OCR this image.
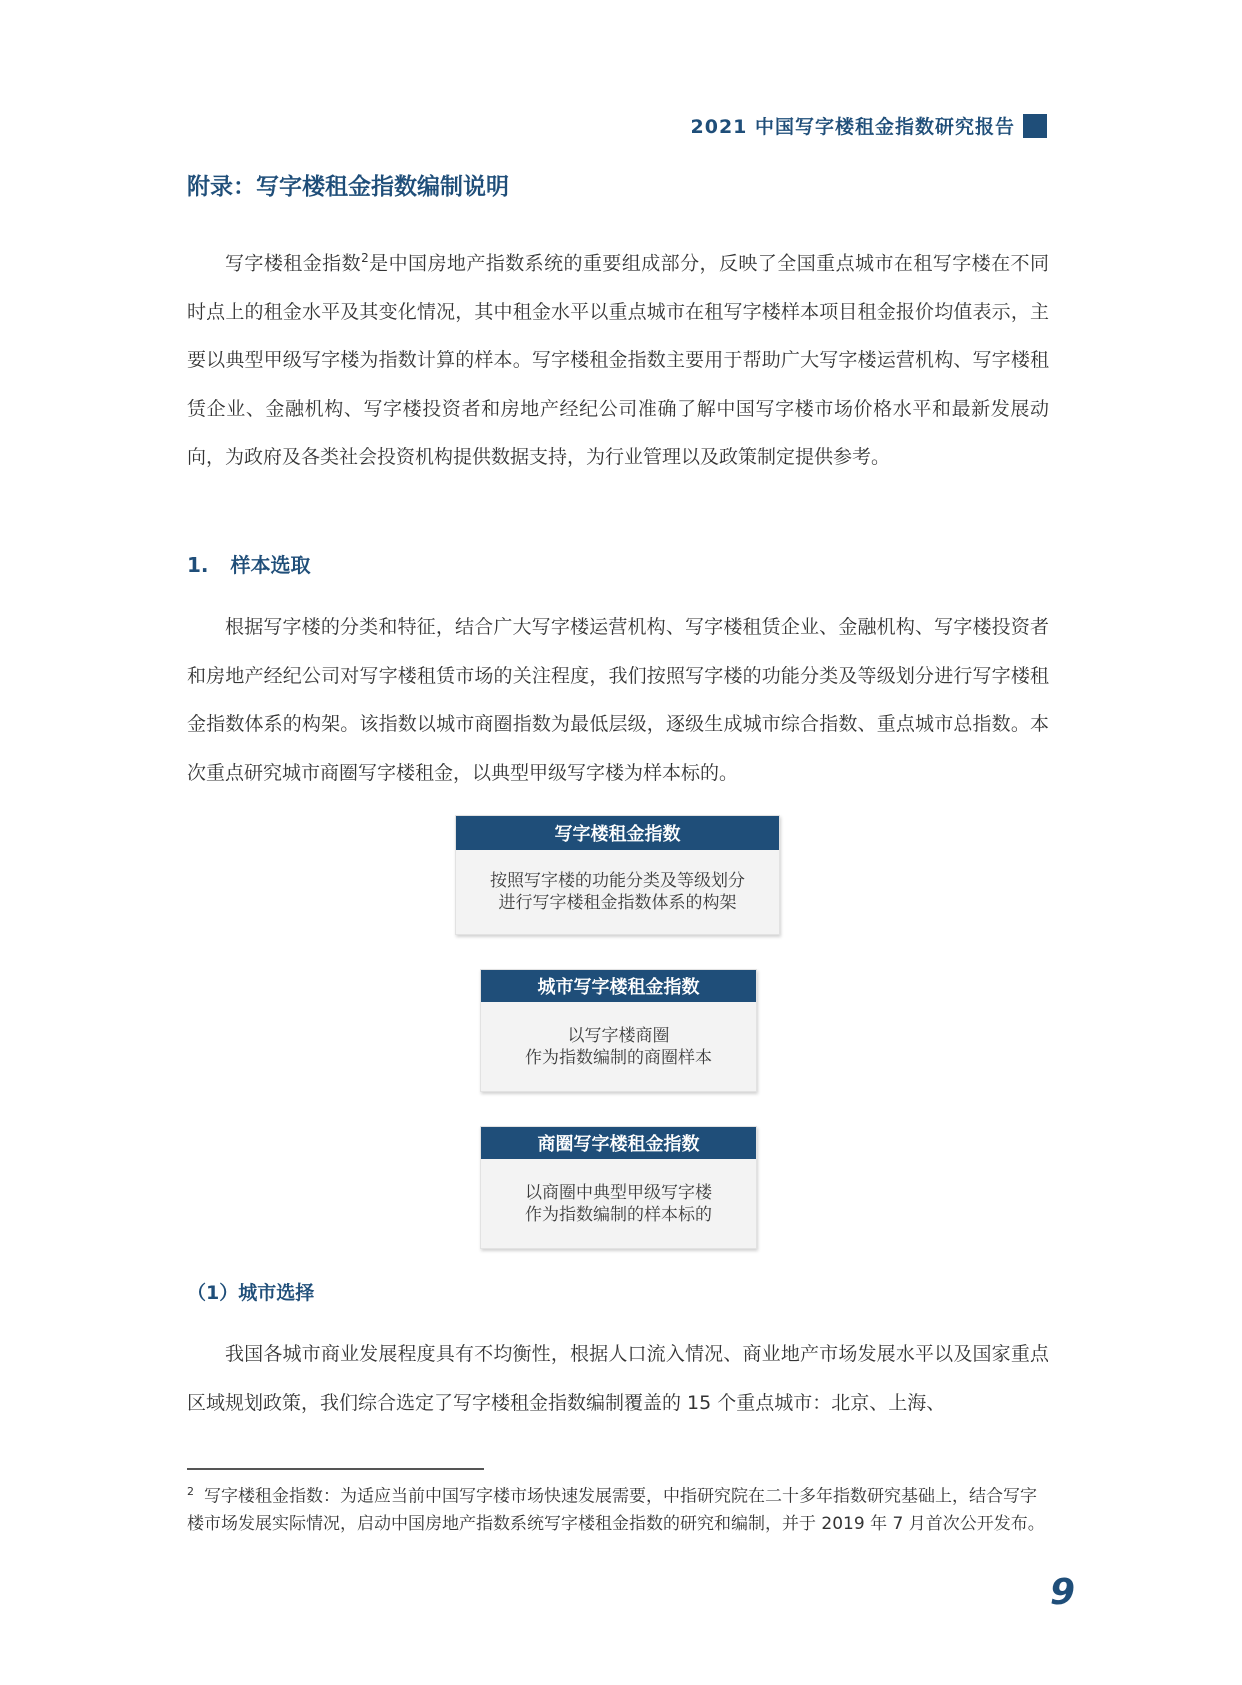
2021 中国写字楼租金指数研究报告
附录：写字楼租金指数编制说明

写字楼租金指数$^2$是中国房地产指数系统的重要组成部分，反映了全国重点城市在租写字楼在不同时点上的租金水平及其变化情况，其中租金水平以重点城市在租写字楼样本项目租金报价均值表示，主要以典型甲级写字楼为指数计算的样本。写字楼租金指数主要用于帮助广大写字楼运营机构、写字楼租赁企业、金融机构、写字楼投资者和房地产经纪公司准确了解中国写字楼市场价格水平和最新发展动向，为政府及各类社会投资机构提供数据支持，为行业管理以及政策制定提供参考。

1. 样本选取

根据写字楼的分类和特征，结合广大写字楼运营机构、写字楼租赁企业、金融机构、写字楼投资者和房地产经纪公司对写字楼租赁市场的关注程度，我们按照写字楼的功能分类及等级划分进行写字楼租金指数体系的构架。该指数以城市商圈指数为最低层级，逐级生成城市综合指数、重点城市总指数。本次重点研究城市商圈写字楼租金，以典型甲级写字楼为样本标的。

写字楼租金指数
按照写字楼的功能分类及等级划分
进行写字楼租金指数体系的构架
城市写字楼租金指数
以写字楼商圈
作为指数编制的商圈样本
商圈写字楼租金指数
以商圈中典型甲级写字楼
作为指数编制的样本标的
（1）城市选择

我国各城市商业发展程度具有不均衡性，根据人口流入情况、商业地产市场发展水平以及国家重点区域规划政策，我们综合选定了写字楼租金指数编制覆盖的 15 个重点城市：北京、上海、

$^2$ 写字楼租金指数：为适应当前中国写字楼市场快速发展需要，中指研究院在二十多年指数研究基础上，结合写字楼市场发展实际情况，启动中国房地产指数系统写字楼租金指数的研究和编制，并于 2019 年 7 月首次公开发布。

9
